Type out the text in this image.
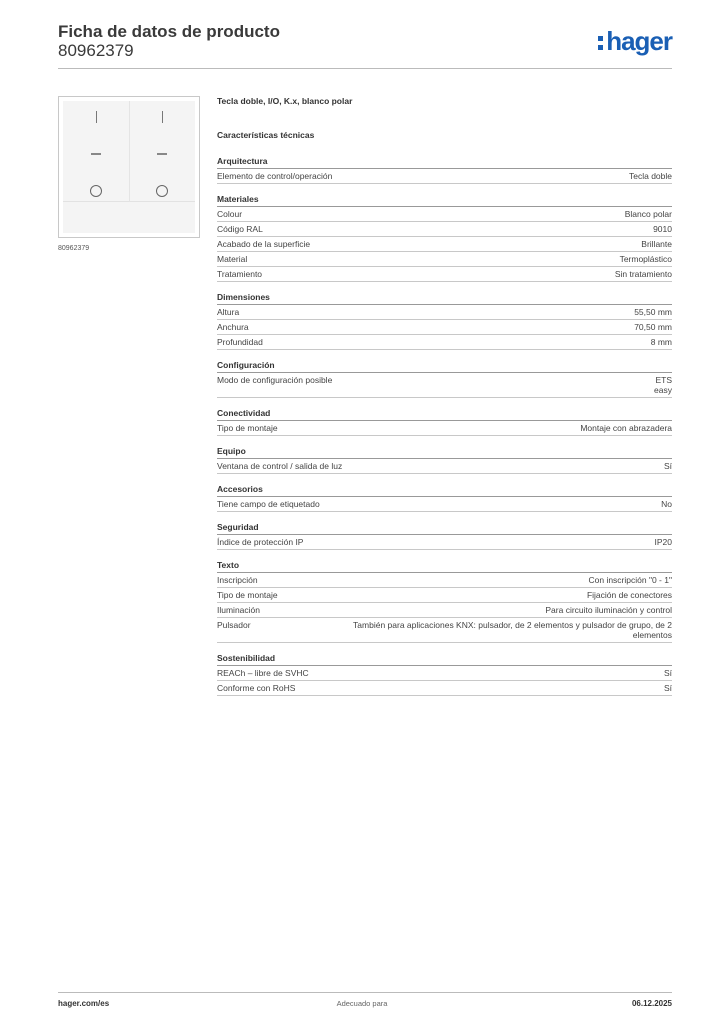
Ficha de datos de producto
80962379	hager
80962379
Tecla doble, I/O, K.x, blanco polar
Características técnicas
Arquitectura
Elemento de control/operación	Tecla doble
Materiales
Colour	Blanco polar
Código RAL	9010
Acabado de la superficie	Brillante
Material	Termoplástico
Tratamiento	Sin tratamiento
Dimensiones
Altura	55,50 mm
Anchura	70,50 mm
Profundidad	8 mm
Configuración
Modo de configuración posible	ETS
easy
Conectividad
Tipo de montaje	Montaje con abrazadera
Equipo
Ventana de control / salida de luz	Sí
Accesorios
Tiene campo de etiquetado	No
Seguridad
Índice de protección IP	IP20
Texto
Inscripción	Con inscripción "0 - 1"
Tipo de montaje	Fijación de conectores
Iluminación	Para circuito iluminación y control
Pulsador	También para aplicaciones KNX: pulsador, de 2 elementos y pulsador de grupo, de 2 elementos
Sostenibilidad
REACh – libre de SVHC	Sí
Conforme con RoHS	Sí
hager.com/es	Adecuado para	06.12.2025
